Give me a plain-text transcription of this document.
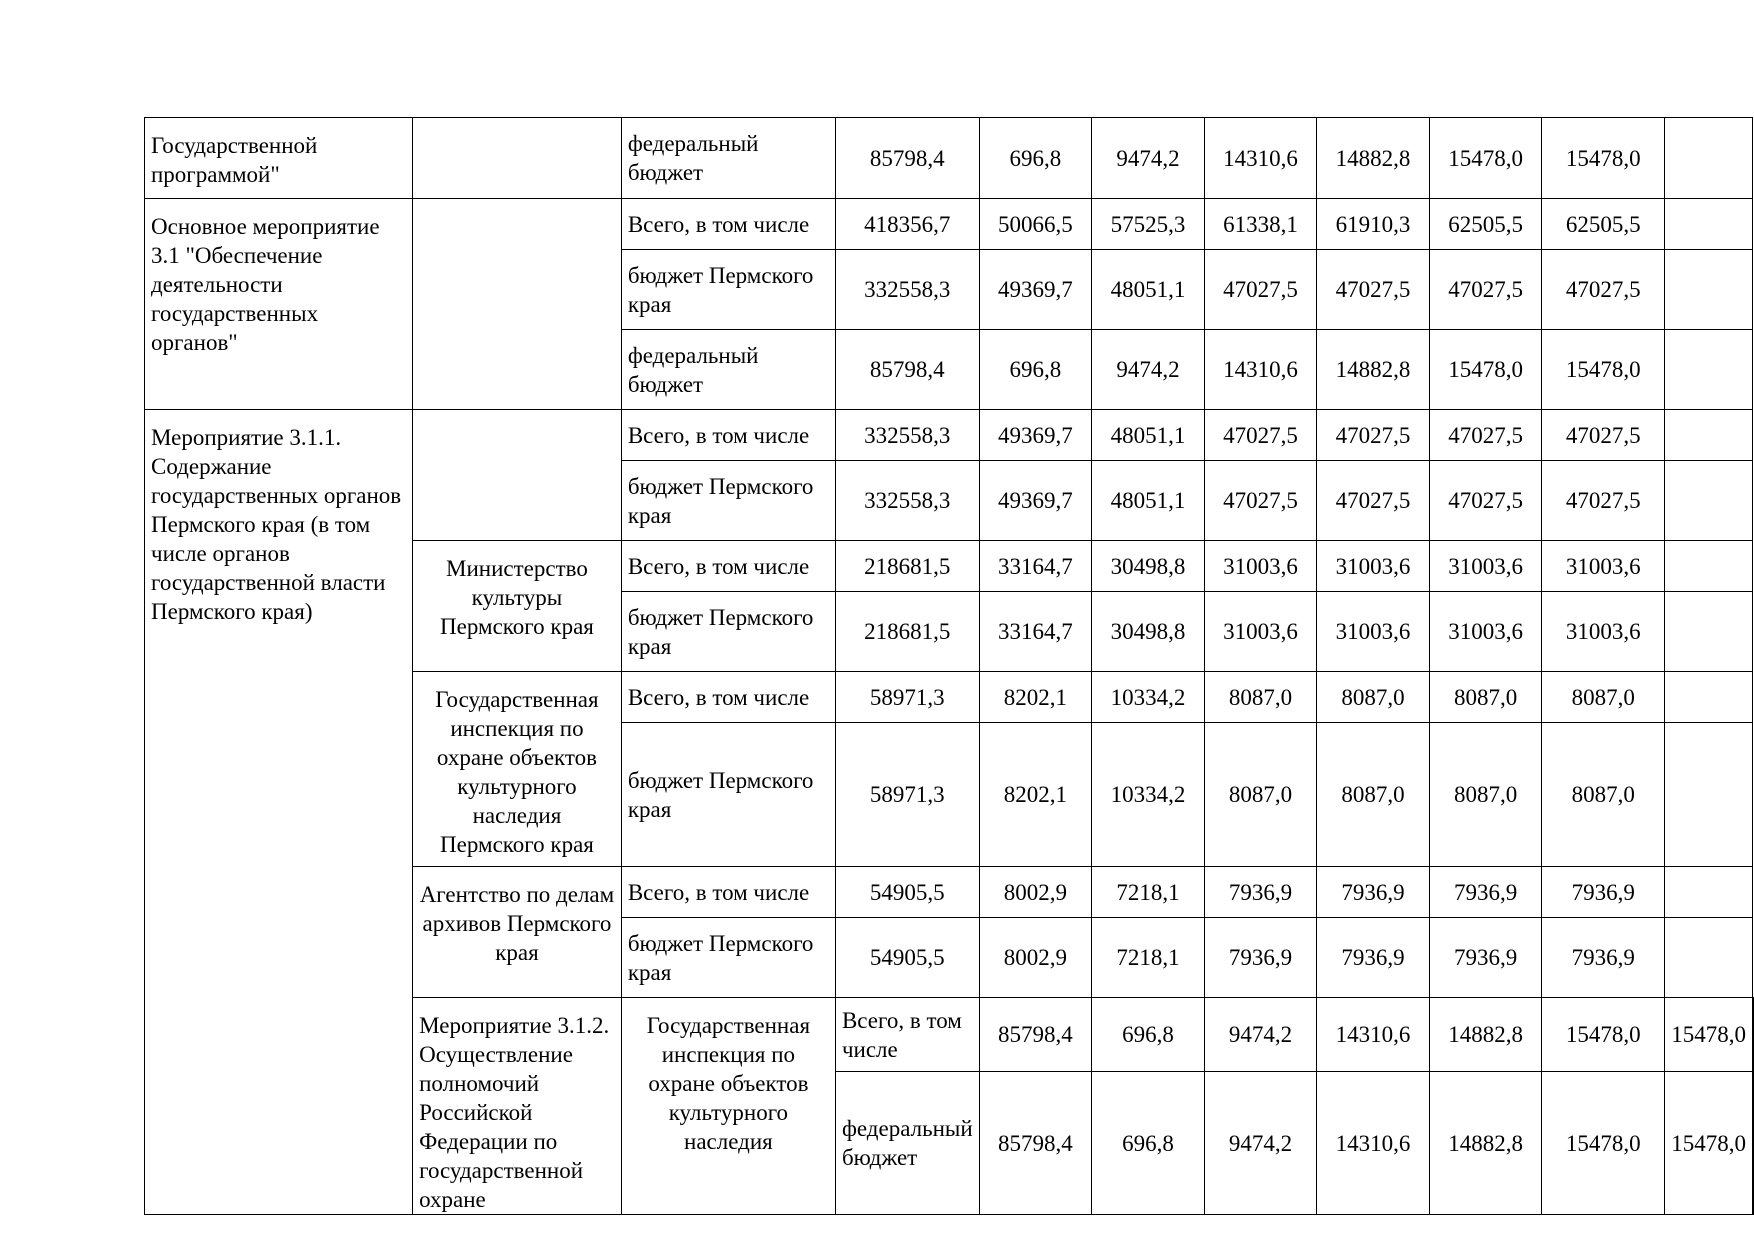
Государственной программой"		федеральный бюджет	85798,4	696,8	9474,2	14310,6	14882,8	15478,0	15478,0		
Основное мероприятие 3.1 "Обеспечение деятельности государственных органов"		Всего, в том числе	418356,7	50066,5	57525,3	61338,1	61910,3	62505,5	62505,5		
		бюджет Пермского края	332558,3	49369,7	48051,1	47027,5	47027,5	47027,5	47027,5		
		федеральный бюджет	85798,4	696,8	9474,2	14310,6	14882,8	15478,0	15478,0		
Мероприятие 3.1.1. Содержание государственных органов Пермского края (в том числе органов государственной власти Пермского края)		Всего, в том числе	332558,3	49369,7	48051,1	47027,5	47027,5	47027,5	47027,5		
		бюджет Пермского края	332558,3	49369,7	48051,1	47027,5	47027,5	47027,5	47027,5		
	Министерство культуры Пермского края	Всего, в том числе	218681,5	33164,7	30498,8	31003,6	31003,6	31003,6	31003,6		
		бюджет Пермского края	218681,5	33164,7	30498,8	31003,6	31003,6	31003,6	31003,6		
	Государственная инспекция по охране объектов культурного наследия Пермского края	Всего, в том числе	58971,3	8202,1	10334,2	8087,0	8087,0	8087,0	8087,0		
		бюджет Пермского края	58971,3	8202,1	10334,2	8087,0	8087,0	8087,0	8087,0		
	Агентство по делам архивов Пермского края	Всего, в том числе	54905,5	8002,9	7218,1	7936,9	7936,9	7936,9	7936,9		
		бюджет Пермского края	54905,5	8002,9	7218,1	7936,9	7936,9	7936,9	7936,9		
	Мероприятие 3.1.2. Осуществление полномочий Российской Федерации по государственной охране	Государственная инспекция по охране объектов культурного наследия	Всего, в том числе	85798,4	696,8	9474,2	14310,6	14882,8	15478,0	15478,0	
			федеральный бюджет	85798,4	696,8	9474,2	14310,6	14882,8	15478,0	15478,0	
